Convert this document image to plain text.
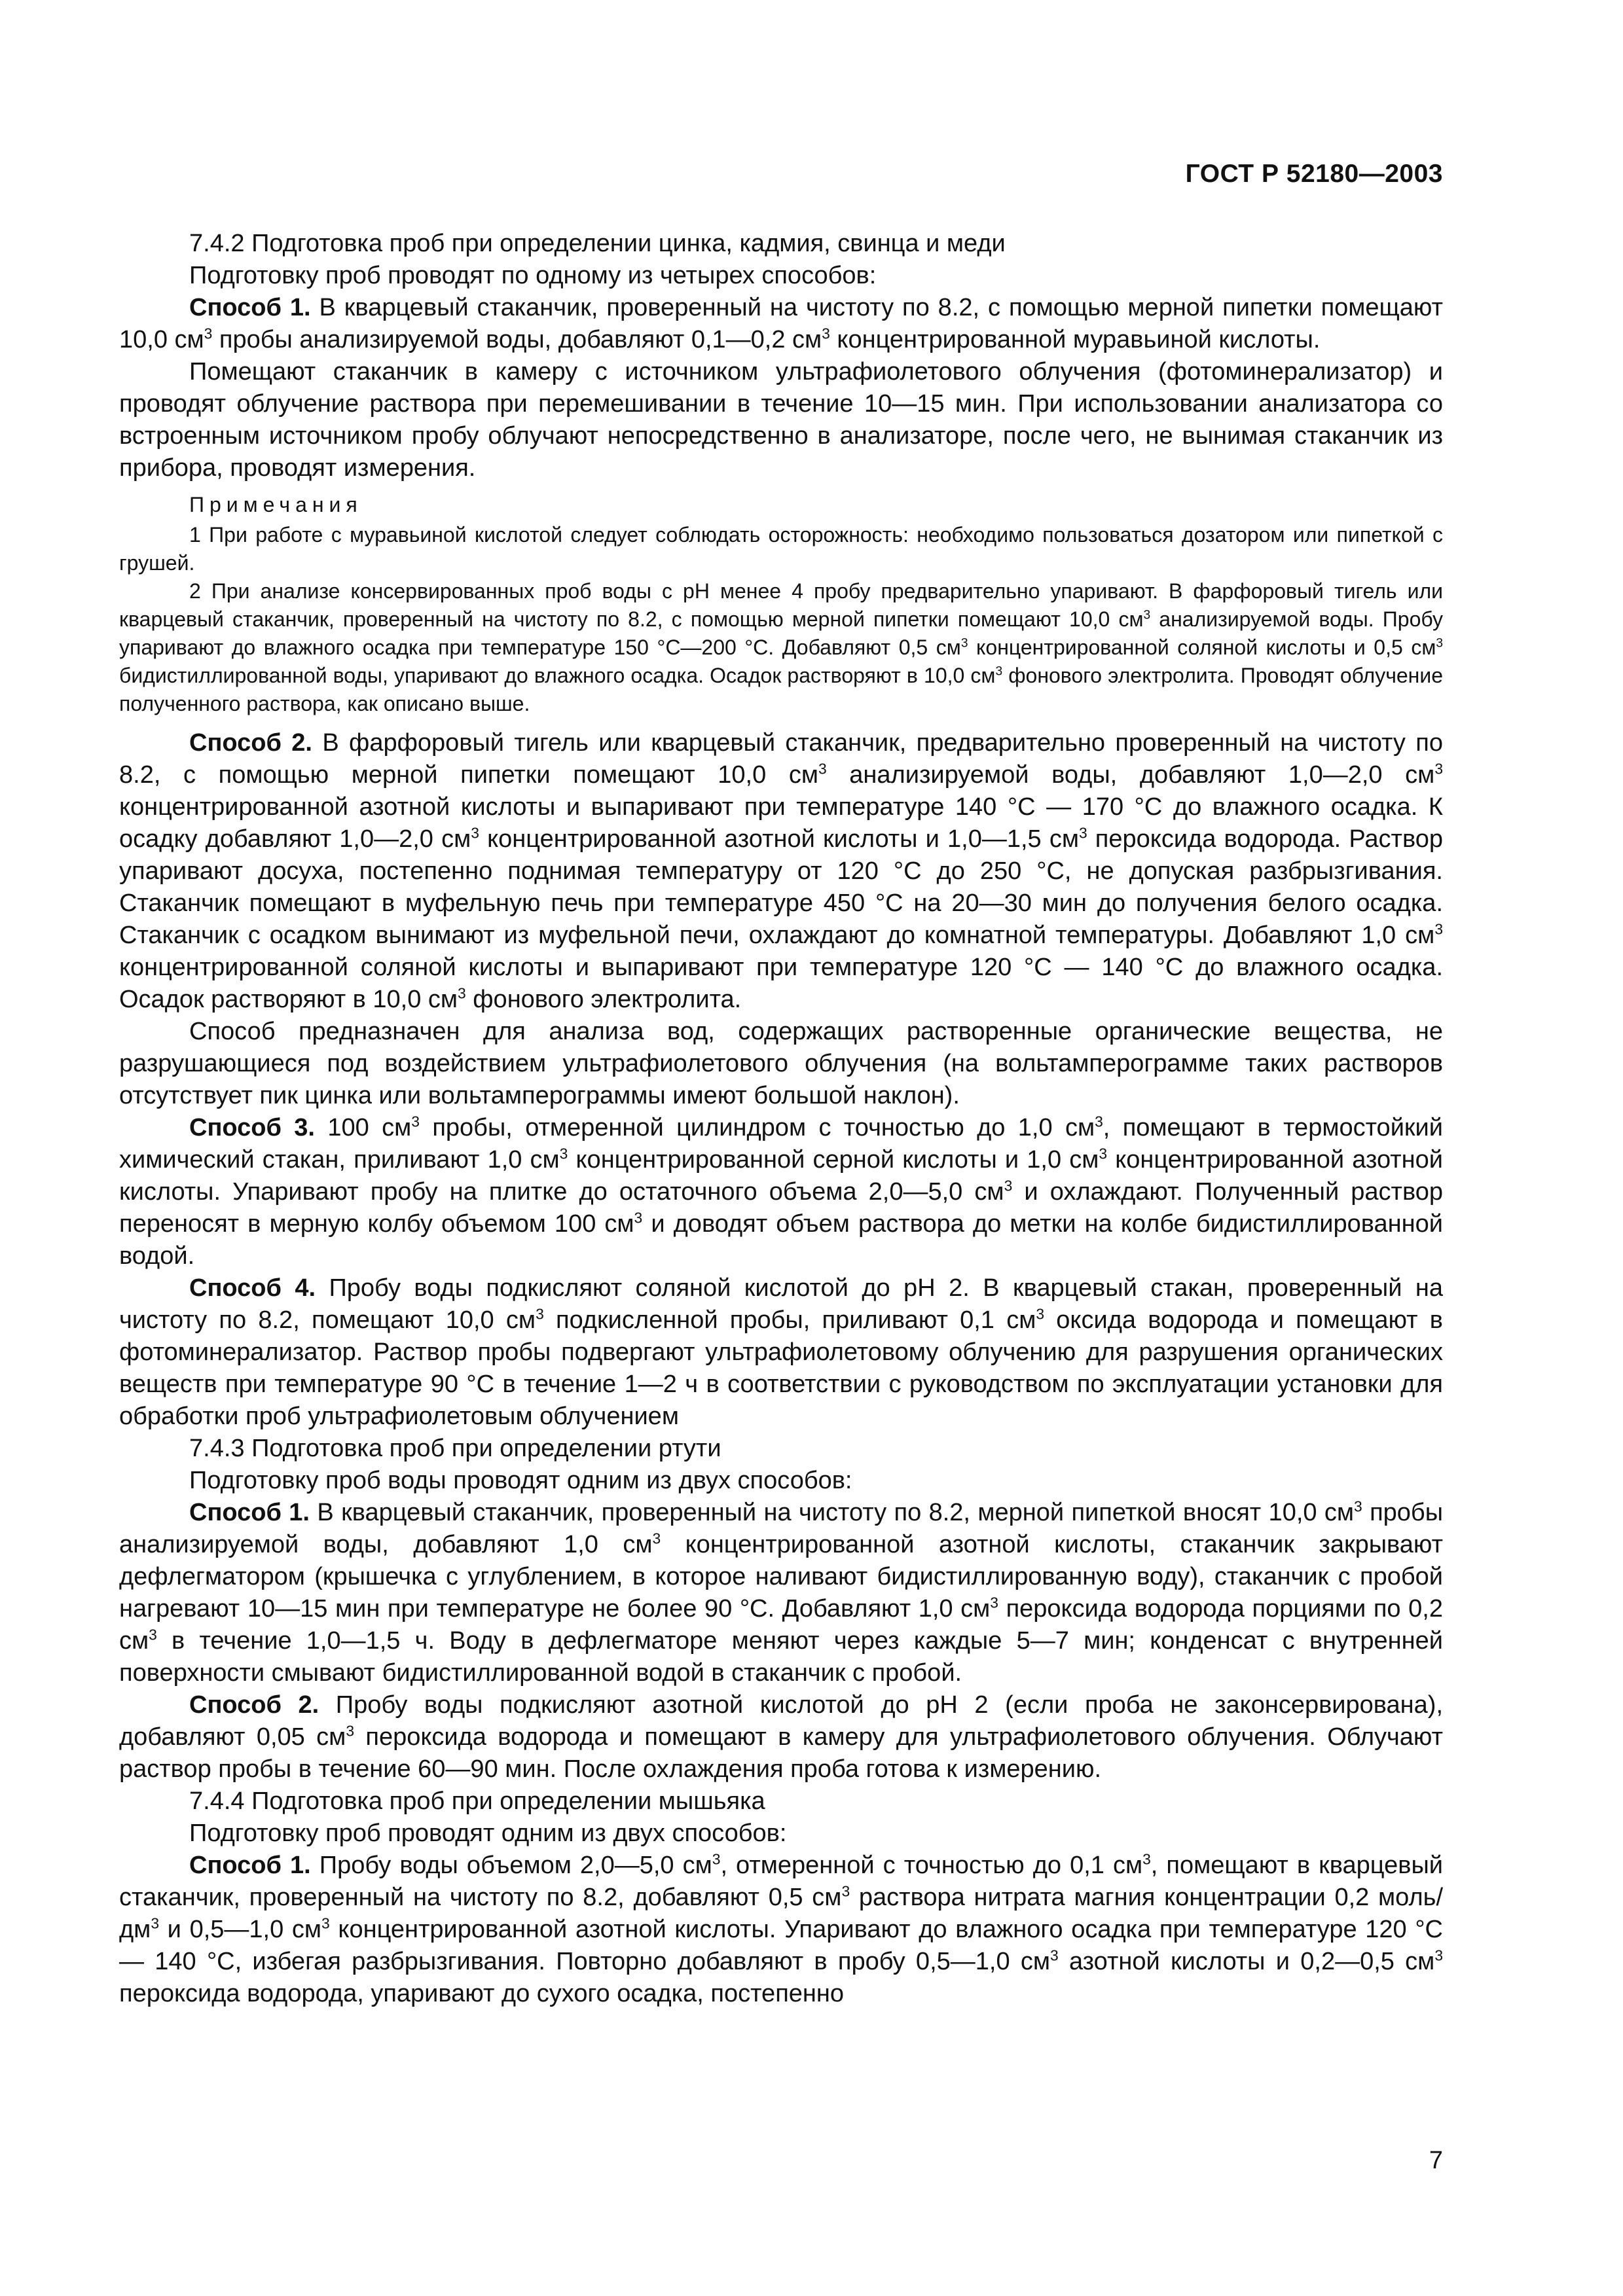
ГОСТ Р 52180—2003

7.4.2 Подготовка проб при определении цинка, кадмия, свинца и меди

Подготовку проб проводят по одному из четырех способов:

Способ 1. В кварцевый стаканчик, проверенный на чистоту по 8.2, с помощью мерной пипетки помещают 10,0 $см^3$ пробы анализируемой воды, добавляют 0,1—0,2 $см^3$ концентрированной муравьиной кислоты.

Помещают стаканчик в камеру с источником ультрафиолетового облучения (фотоминерализатор) и проводят облучение раствора при перемешивании в течение 10—15 мин. При использовании анализатора со встроенным источником пробу облучают непосредственно в анализаторе, после чего, не вынимая стаканчик из прибора, проводят измерения.

Примечания

1 При работе с муравьиной кислотой следует соблюдать осторожность: необходимо пользоваться дозатором или пипеткой с грушей.

2 При анализе консервированных проб воды с pH менее 4 пробу предварительно упаривают. В фарфоровый тигель или кварцевый стаканчик, проверенный на чистоту по 8.2, с помощью мерной пипетки помещают 10,0 $см^3$ анализируемой воды. Пробу упаривают до влажного осадка при температуре 150 °С—200 °С. Добавляют 0,5 $см^3$ концентрированной соляной кислоты и 0,5 $см^3$ бидистиллированной воды, упаривают до влажного осадка. Осадок растворяют в 10,0 $см^3$ фонового электролита. Проводят облучение полученного раствора, как описано выше.

Способ 2. В фарфоровый тигель или кварцевый стаканчик, предварительно проверенный на чистоту по 8.2, с помощью мерной пипетки помещают 10,0 $см^3$ анализируемой воды, добавляют 1,0—2,0 $см^3$ концентрированной азотной кислоты и выпаривают при температуре 140 °С — 170 °С до влажного осадка. К осадку добавляют 1,0—2,0 $см^3$ концентрированной азотной кислоты и 1,0—1,5 $см^3$ пероксида водорода. Раствор упаривают досуха, постепенно поднимая температуру от 120 °С до 250 °С, не допуская разбрызгивания. Стаканчик помещают в муфельную печь при температуре 450 °С на 20—30 мин до получения белого осадка. Стаканчик с осадком вынимают из муфельной печи, охлаждают до комнатной температуры. Добавляют 1,0 $см^3$ концентрированной соляной кислоты и выпаривают при температуре 120 °С — 140 °С до влажного осадка. Осадок растворяют в 10,0 $см^3$ фонового электролита.

Способ предназначен для анализа вод, содержащих растворенные органические вещества, не разрушающиеся под воздействием ультрафиолетового облучения (на вольтамперограмме таких растворов отсутствует пик цинка или вольтамперограммы имеют большой наклон).

Способ 3. 100 $см^3$ пробы, отмеренной цилиндром с точностью до 1,0 $см^3$, помещают в термостойкий химический стакан, приливают 1,0 $см^3$ концентрированной серной кислоты и 1,0 $см^3$ концентрированной азотной кислоты. Упаривают пробу на плитке до остаточного объема 2,0—5,0 $см^3$ и охлаждают. Полученный раствор переносят в мерную колбу объемом 100 $см^3$ и доводят объем раствора до метки на колбе бидистиллированной водой.

Способ 4. Пробу воды подкисляют соляной кислотой до pH 2. В кварцевый стакан, проверенный на чистоту по 8.2, помещают 10,0 $см^3$ подкисленной пробы, приливают 0,1 $см^3$ оксида водорода и помещают в фотоминерализатор. Раствор пробы подвергают ультрафиолетовому облучению для разрушения органических веществ при температуре 90 °С в течение 1—2 ч в соответствии с руководством по эксплуатации установки для обработки проб ультрафиолетовым облучением

7.4.3 Подготовка проб при определении ртути

Подготовку проб воды проводят одним из двух способов:

Способ 1. В кварцевый стаканчик, проверенный на чистоту по 8.2, мерной пипеткой вносят 10,0 $см^3$ пробы анализируемой воды, добавляют 1,0 $см^3$ концентрированной азотной кислоты, стаканчик закрывают дефлегматором (крышечка с углублением, в которое наливают бидистиллированную воду), стаканчик с пробой нагревают 10—15 мин при температуре не более 90 °С. Добавляют 1,0 $см^3$ пероксида водорода порциями по 0,2 $см^3$ в течение 1,0—1,5 ч. Воду в дефлегматоре меняют через каждые 5—7 мин; конденсат с внутренней поверхности смывают бидистиллированной водой в стаканчик с пробой.

Способ 2. Пробу воды подкисляют азотной кислотой до pH 2 (если проба не законсервирована), добавляют 0,05 $см^3$ пероксида водорода и помещают в камеру для ультрафиолетового облучения. Облучают раствор пробы в течение 60—90 мин. После охлаждения проба готова к измерению.

7.4.4 Подготовка проб при определении мышьяка

Подготовку проб проводят одним из двух способов:

Способ 1. Пробу воды объемом 2,0—5,0 $см^3$, отмеренной с точностью до 0,1 $см^3$, помещают в кварцевый стаканчик, проверенный на чистоту по 8.2, добавляют 0,5 $см^3$ раствора нитрата магния концентрации 0,2 моль/$дм^3$ и 0,5—1,0 $см^3$ концентрированной азотной кислоты. Упаривают до влажного осадка при температуре 120 °С— 140 °С, избегая разбрызгивания. Повторно добавляют в пробу 0,5—1,0 $см^3$ азотной кислоты и 0,2—0,5 $см^3$ пероксида водорода, упаривают до сухого осадка, постепенно

7
